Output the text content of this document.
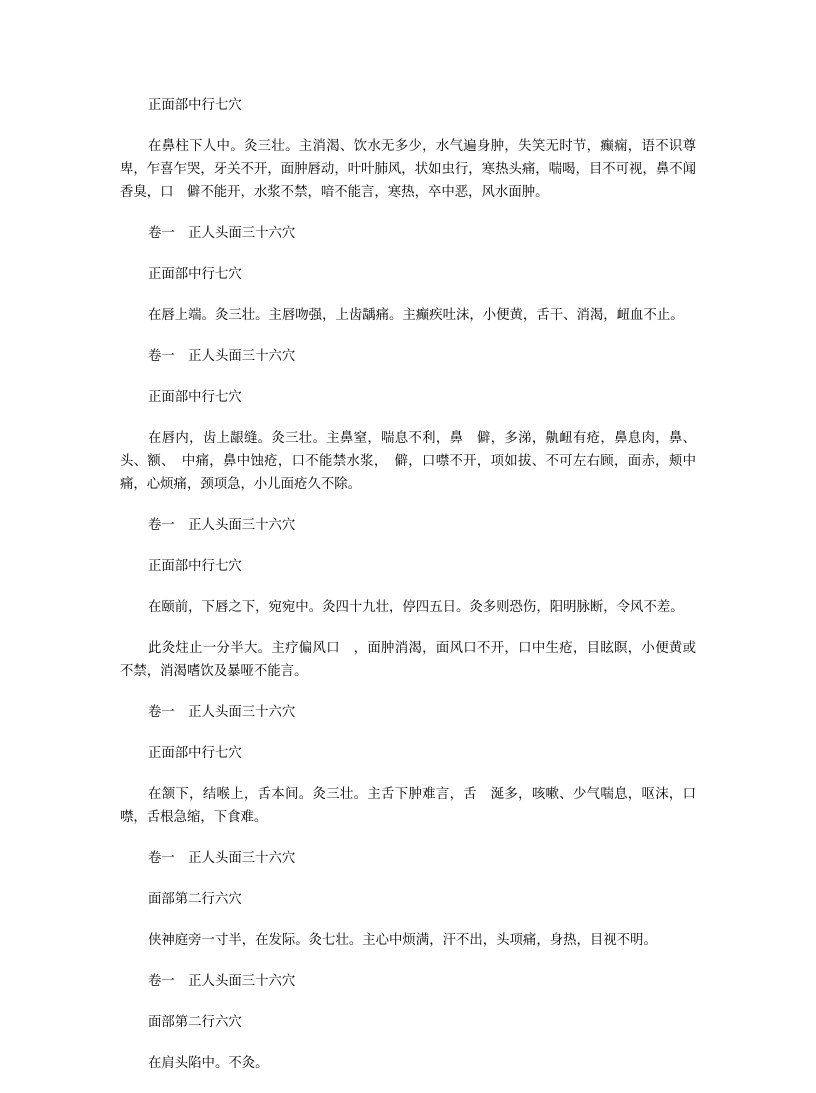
正面部中行七穴

在鼻柱下人中。灸三壮。主消渴、饮水无多少，水气遍身肿，失笑无时节，癫痫，语不识尊卑，乍喜乍哭，牙关不开，面肿唇动，叶叶肺风，状如虫行，寒热头痛，喘喝，目不可视，鼻不闻香臭，口　僻不能开，水浆不禁，喑不能言，寒热，卒中恶，风水面肿。

卷一　正人头面三十六穴

正面部中行七穴

在唇上端。灸三壮。主唇吻强，上齿龋痛。主癫疾吐沫，小便黄，舌干、消渴，衄血不止。

卷一　正人头面三十六穴

正面部中行七穴

在唇内，齿上龈缝。灸三壮。主鼻窒，喘息不利，鼻　僻，多涕，鼽衄有疮，鼻息肉，鼻、头、额、　中痛，鼻中蚀疮，口不能禁水浆，　僻，口噤不开，项如拔、不可左右顾，面赤，颊中痛，心烦痛，颈项急，小儿面疮久不除。

卷一　正人头面三十六穴

正面部中行七穴

在颐前，下唇之下，宛宛中。灸四十九壮，停四五日。灸多则恐伤，阳明脉断，令风不差。

此灸炷止一分半大。主疗偏风口　，面肿消渴，面风口不开，口中生疮，目眩瞑，小便黄或不禁，消渴嗜饮及暴哑不能言。

卷一　正人头面三十六穴

正面部中行七穴

在颔下，结喉上，舌本间。灸三壮。主舌下肿难言，舌　涎多，咳嗽、少气喘息，呕沫，口噤，舌根急缩，下食难。

卷一　正人头面三十六穴

面部第二行六穴

侠神庭旁一寸半，在发际。灸七壮。主心中烦满，汗不出，头项痛，身热，目视不明。

卷一　正人头面三十六穴

面部第二行六穴

在肩头陷中。不灸。
